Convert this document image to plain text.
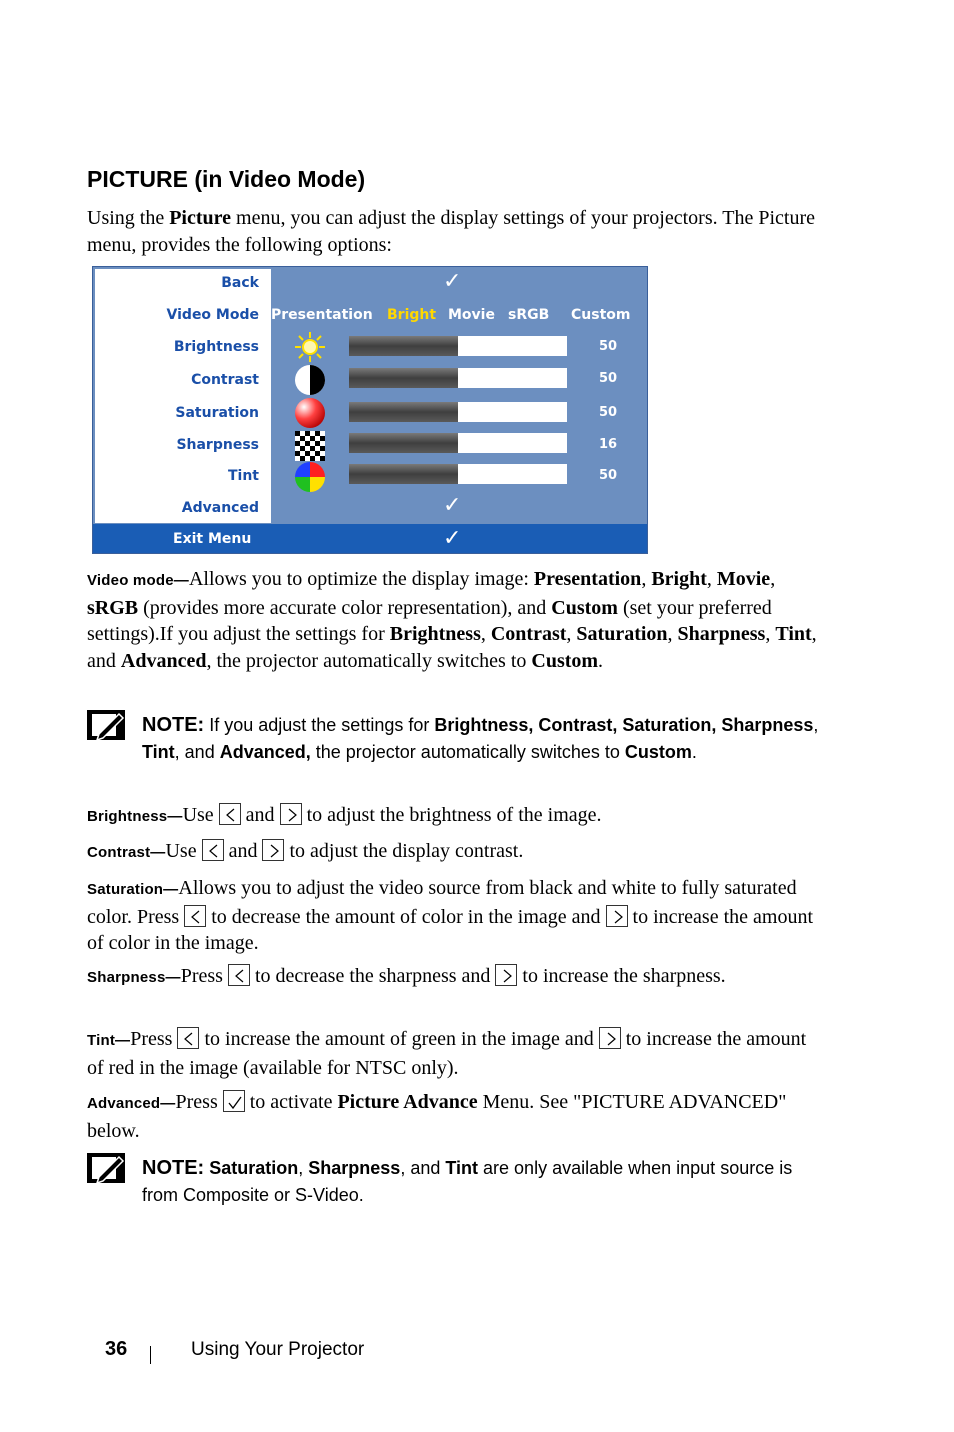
PICTURE (in Video Mode)

Using the Picture menu, you can adjust the display settings of your projectors. The Picture menu, provides the following options:

Back
Video Mode
Brightness
Contrast
Saturation
Sharpness
Tint
Advanced
✓
Presentation Bright Movie sRGB Custom
50
50
50
16
50
✓
Exit Menu	✓

Video mode—Allows you to optimize the display image: Presentation, Bright, Movie, sRGB (provides more accurate color representation), and Custom (set your preferred settings).If you adjust the settings for Brightness, Contrast, Saturation, Sharpness, Tint, and Advanced, the projector automatically switches to Custom.

NOTE: If you adjust the settings for Brightness, Contrast, Saturation, Sharpness, Tint, and Advanced, the projector automatically switches to Custom.

Brightness—Use and to adjust the brightness of the image.

Contrast—Use and to adjust the display contrast.

Saturation—Allows you to adjust the video source from black and white to fully saturated color. Press to decrease the amount of color in the image and to increase the amount of color in the image.

Sharpness—Press to decrease the sharpness and to increase the sharpness.

Tint—Press to increase the amount of green in the image and to increase the amount of red in the image (available for NTSC only).

Advanced—Press to activate Picture Advance Menu. See "PICTURE ADVANCED" below.

NOTE: Saturation, Sharpness, and Tint are only available when input source is from Composite or S-Video.
36	Using Your Projector
